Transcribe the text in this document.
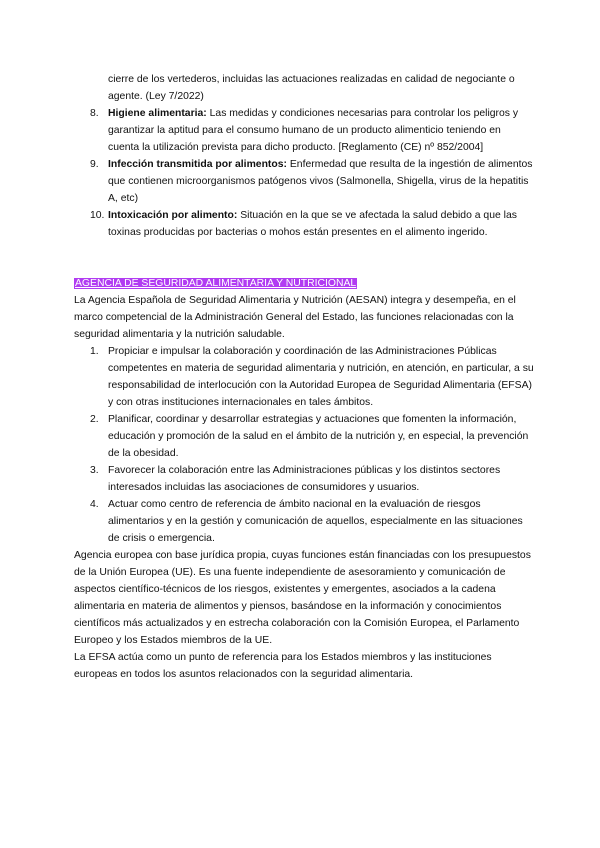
cierre de los vertederos, incluidas las actuaciones realizadas en calidad de negociante o agente. (Ley 7/2022)
8. Higiene alimentaria: Las medidas y condiciones necesarias para controlar los peligros y garantizar la aptitud para el consumo humano de un producto alimenticio teniendo en cuenta la utilización prevista para dicho producto. [Reglamento (CE) nº 852/2004]
9. Infección transmitida por alimentos: Enfermedad que resulta de la ingestión de alimentos que contienen microorganismos patógenos vivos (Salmonella, Shigella, virus de la hepatitis A, etc)
10. Intoxicación por alimento: Situación en la que se ve afectada la salud debido a que las toxinas producidas por bacterias o mohos están presentes en el alimento ingerido.
AGENCIA DE SEGURIDAD ALIMENTARIA Y NUTRICIONAL

La Agencia Española de Seguridad Alimentaria y Nutrición (AESAN) integra y desempeña, en el marco competencial de la Administración General del Estado, las funciones relacionadas con la seguridad alimentaria y la nutrición saludable.

1. Propiciar e impulsar la colaboración y coordinación de las Administraciones Públicas competentes en materia de seguridad alimentaria y nutrición, en atención, en particular, a su responsabilidad de interlocución con la Autoridad Europea de Seguridad Alimentaria (EFSA) y con otras instituciones internacionales en tales ámbitos.
2. Planificar, coordinar y desarrollar estrategias y actuaciones que fomenten la información, educación y promoción de la salud en el ámbito de la nutrición y, en especial, la prevención de la obesidad.
3. Favorecer la colaboración entre las Administraciones públicas y los distintos sectores interesados incluidas las asociaciones de consumidores y usuarios.
4. Actuar como centro de referencia de ámbito nacional en la evaluación de riesgos alimentarios y en la gestión y comunicación de aquellos, especialmente en las situaciones de crisis o emergencia.

Agencia europea con base jurídica propia, cuyas funciones están financiadas con los presupuestos de la Unión Europea (UE). Es una fuente independiente de asesoramiento y comunicación de aspectos científico-técnicos de los riesgos, existentes y emergentes, asociados a la cadena alimentaria en materia de alimentos y piensos, basándose en la información y conocimientos científicos más actualizados y en estrecha colaboración con la Comisión Europea, el Parlamento Europeo y los Estados miembros de la UE.

La EFSA actúa como un punto de referencia para los Estados miembros y las instituciones europeas en todos los asuntos relacionados con la seguridad alimentaria.
